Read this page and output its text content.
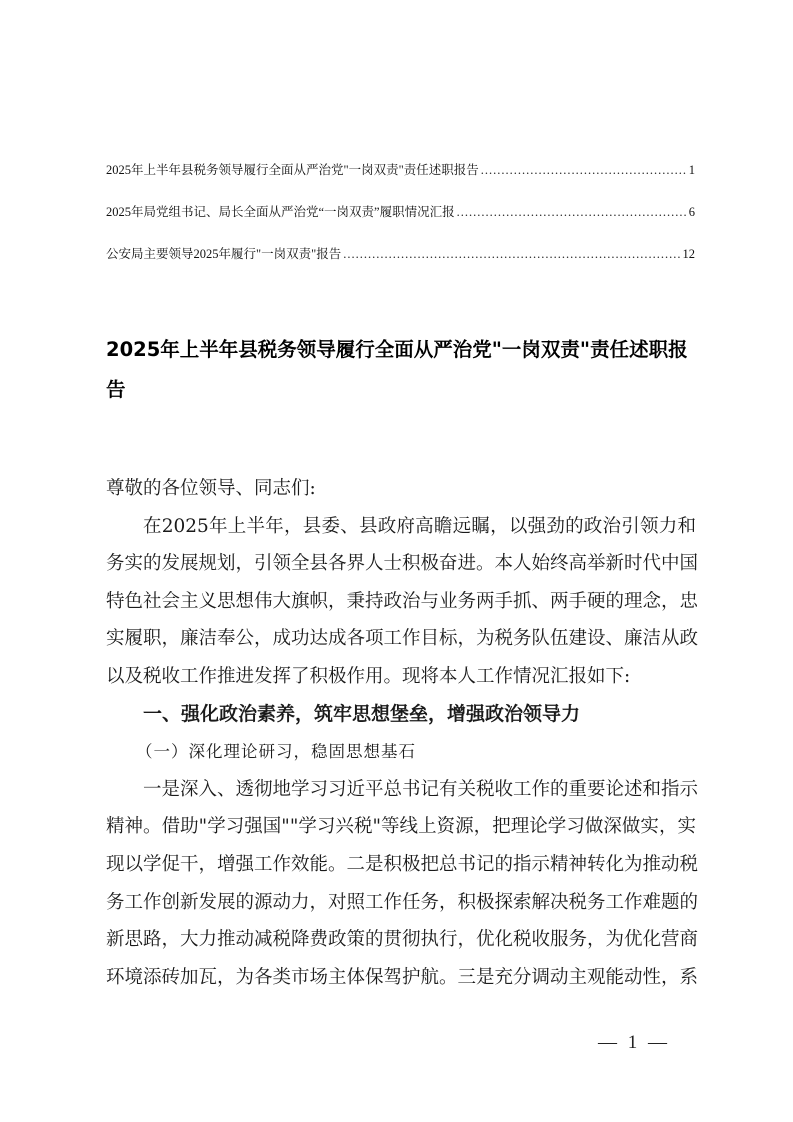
2025年上半年县税务领导履行全面从严治党"一岗双责"责任述职报告 .....	1
2025年局党组书记、局长全面从严治党“一岗双责”履职情况汇报 .....	6
公安局主要领导2025年履行"一岗双责"报告 .....	12
2025年上半年县税务领导履行全面从严治党"一岗双责"责任述职报
告
尊敬的各位领导、同志们:
在2025年上半年，县委、县政府高瞻远瞩，以强劲的政治引领力和
务实的发展规划，引领全县各界人士积极奋进。本人始终高举新时代中国
特色社会主义思想伟大旗帜，秉持政治与业务两手抓、两手硬的理念，忠
实履职，廉洁奉公，成功达成各项工作目标，为税务队伍建设、廉洁从政
以及税收工作推进发挥了积极作用。现将本人工作情况汇报如下:
一、强化政治素养，筑牢思想堡垒，增强政治领导力
（一）深化理论研习，稳固思想基石
一是深入、透彻地学习习近平总书记有关税收工作的重要论述和指示
精神。借助"学习强国""学习兴税"等线上资源，把理论学习做深做实，实
现以学促干，增强工作效能。二是积极把总书记的指示精神转化为推动税
务工作创新发展的源动力，对照工作任务，积极探索解决税务工作难题的
新思路，大力推动减税降费政策的贯彻执行，优化税收服务，为优化营商
环境添砖加瓦，为各类市场主体保驾护航。三是充分调动主观能动性，系
— 1 —
